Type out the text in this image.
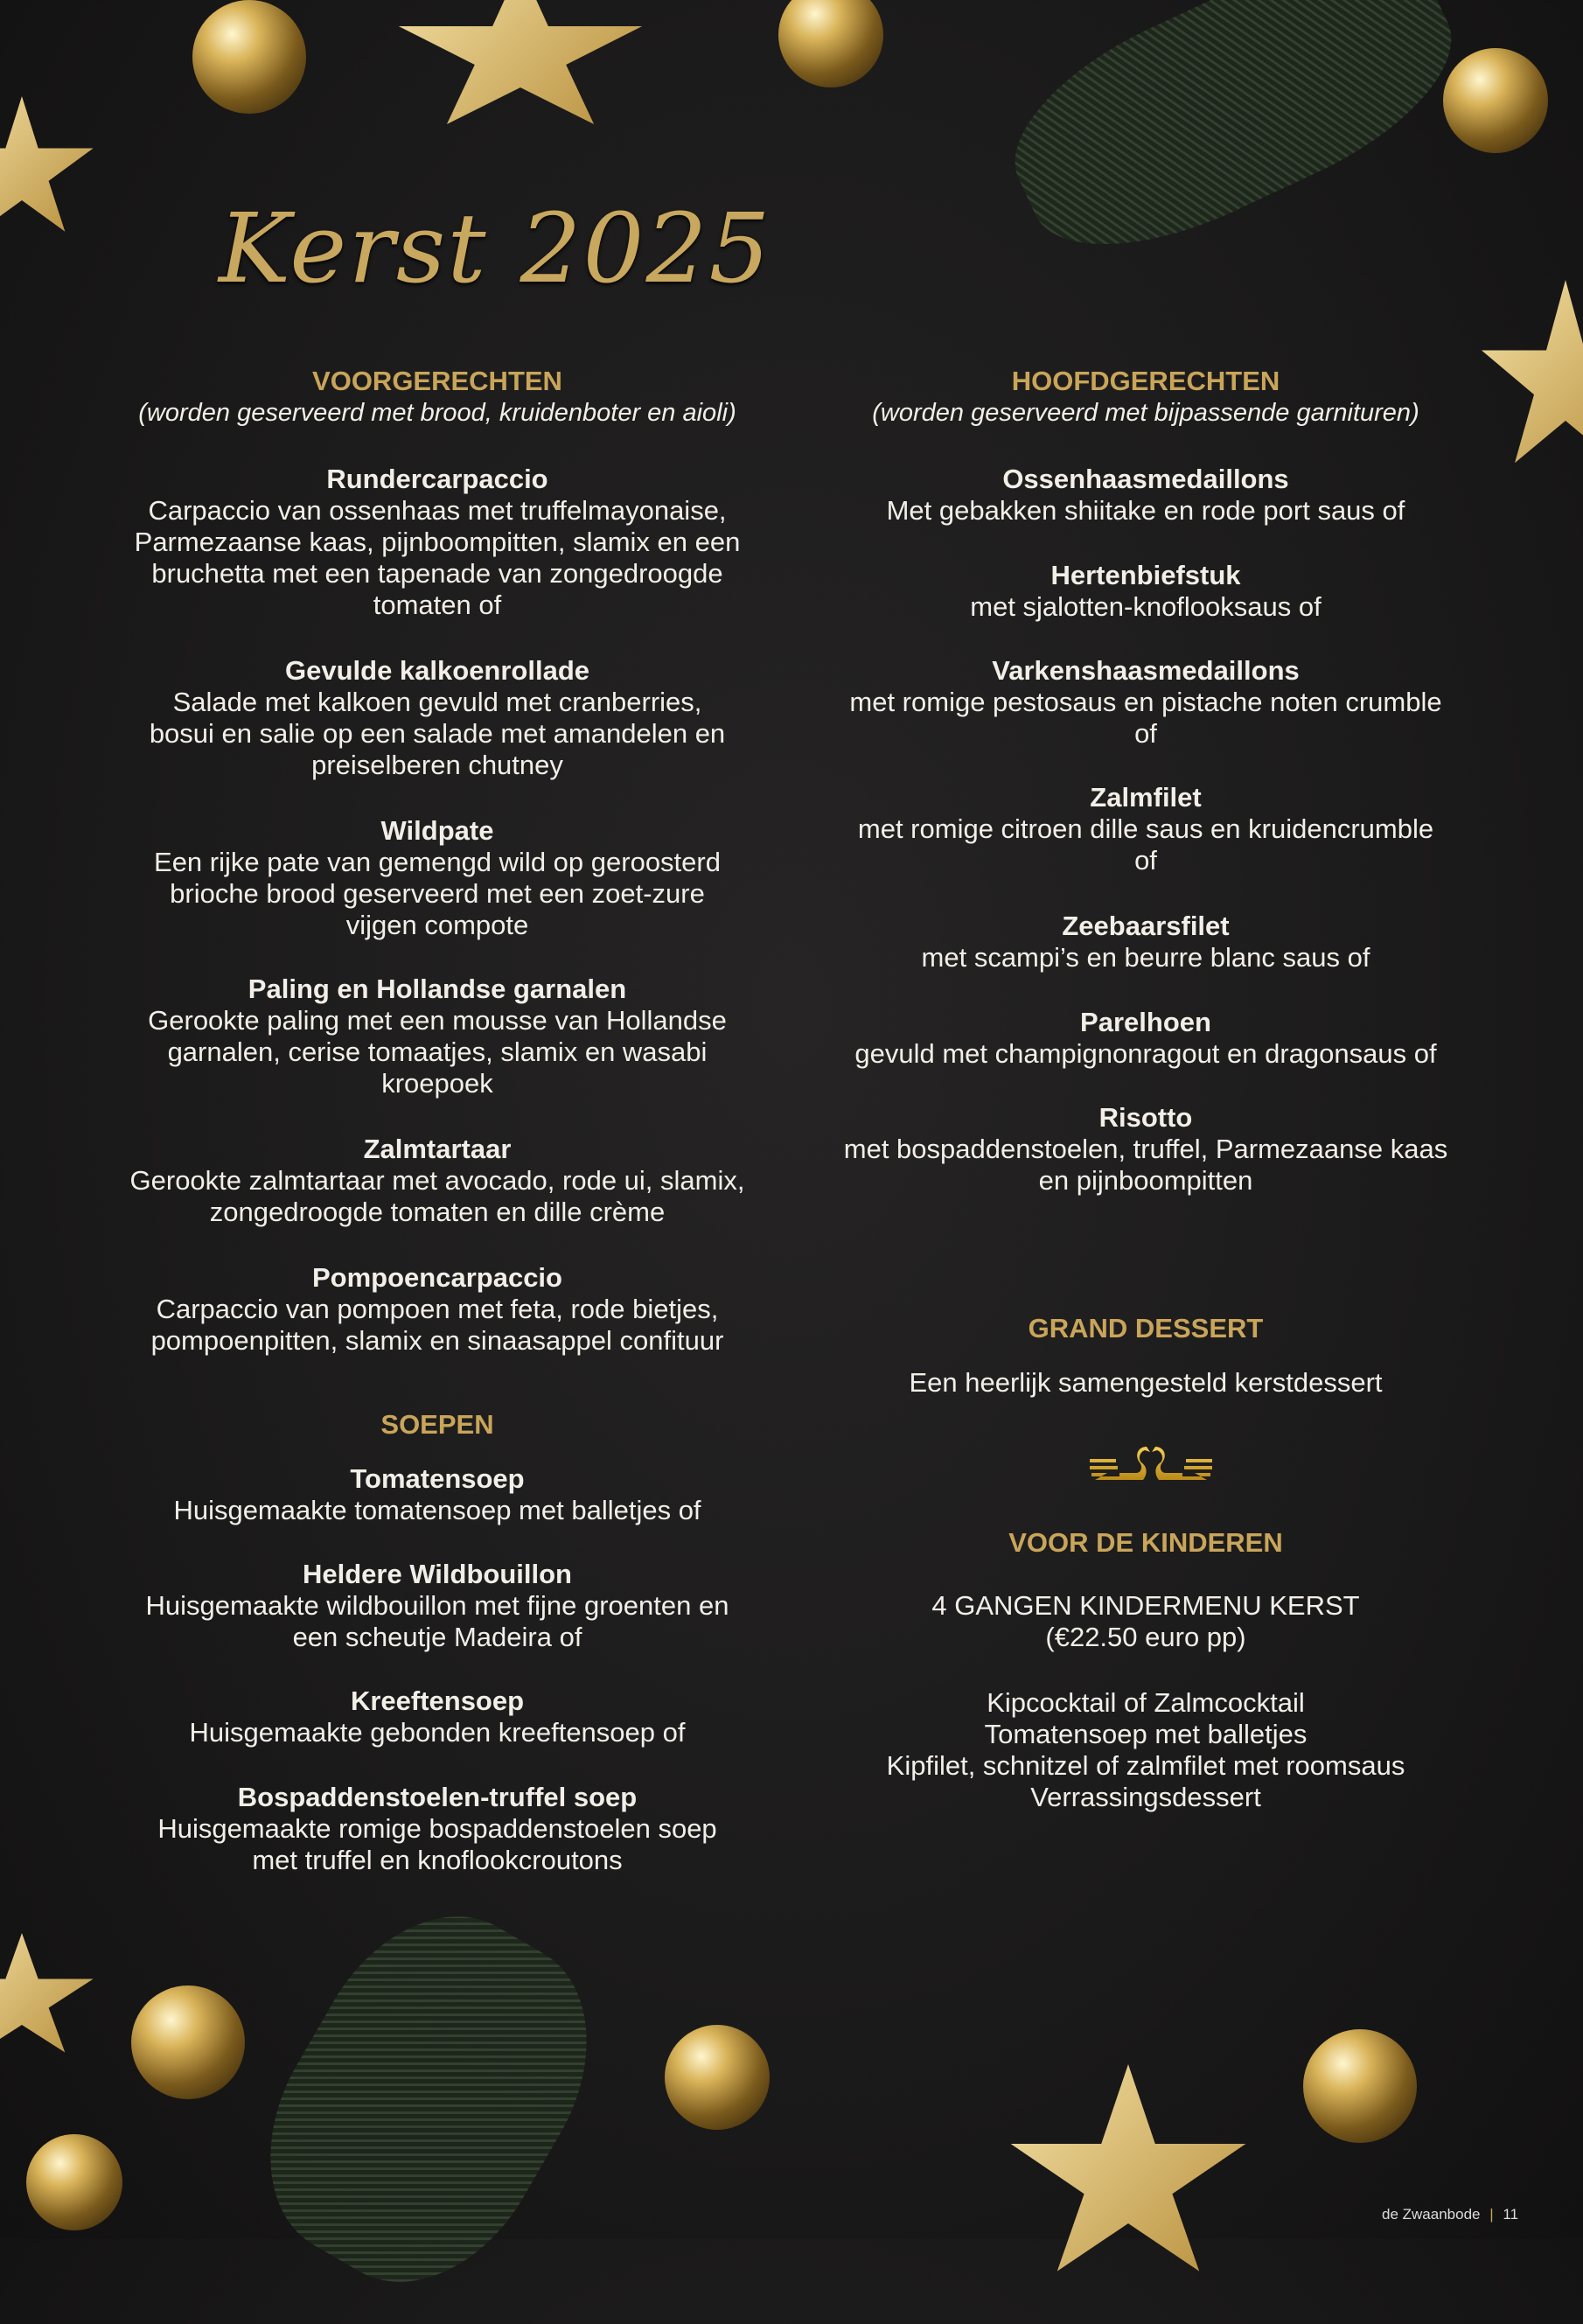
Kerst 2025
VOORGERECHTEN
(worden geserveerd met brood, kruidenboter en aioli)
Rundercarpaccio
Carpaccio van ossenhaas met truffelmayonaise,
Parmezaanse kaas, pijnboompitten, slamix en een
bruchetta met een tapenade van zongedroogde
tomaten of
Gevulde kalkoenrollade
Salade met kalkoen gevuld met cranberries,
bosui en salie op een salade met amandelen en
preiselberen chutney
Wildpate
Een rijke pate van gemengd wild op geroosterd
brioche brood geserveerd met een zoet-zure
vijgen compote
Paling en Hollandse garnalen
Gerookte paling met een mousse van Hollandse
garnalen, cerise tomaatjes, slamix en wasabi
kroepoek
Zalmtartaar
Gerookte zalmtartaar met avocado, rode ui, slamix,
zongedroogde tomaten en dille crème
Pompoencarpaccio
Carpaccio van pompoen met feta, rode bietjes,
pompoenpitten, slamix en sinaasappel confituur
SOEPEN
Tomatensoep
Huisgemaakte tomatensoep met balletjes of
Heldere Wildbouillon
Huisgemaakte wildbouillon met fijne groenten en
een scheutje Madeira of
Kreeftensoep
Huisgemaakte gebonden kreeftensoep of
Bospaddenstoelen-truffel soep
Huisgemaakte romige bospaddenstoelen soep
met truffel en knoflookcroutons
HOOFDGERECHTEN
(worden geserveerd met bijpassende garnituren)
Ossenhaasmedaillons
Met gebakken shiitake en rode port saus of
Hertenbiefstuk
met sjalotten-knoflooksaus of
Varkenshaasmedaillons
met romige pestosaus en pistache noten crumble
of
Zalmfilet
met romige citroen dille saus en kruidencrumble
of
Zeebaarsfilet
met scampi’s en beurre blanc saus of
Parelhoen
gevuld met champignonragout en dragonsaus of
Risotto
met bospaddenstoelen, truffel, Parmezaanse kaas
en pijnboompitten
GRAND DESSERT
Een heerlijk samengesteld kerstdessert
VOOR DE KINDEREN
4 GANGEN KINDERMENU KERST
(€22.50 euro pp)
Kipcocktail of Zalmcocktail
Tomatensoep met balletjes
Kipfilet, schnitzel of zalmfilet met roomsaus
Verrassingsdessert
de Zwaanbode | 11
